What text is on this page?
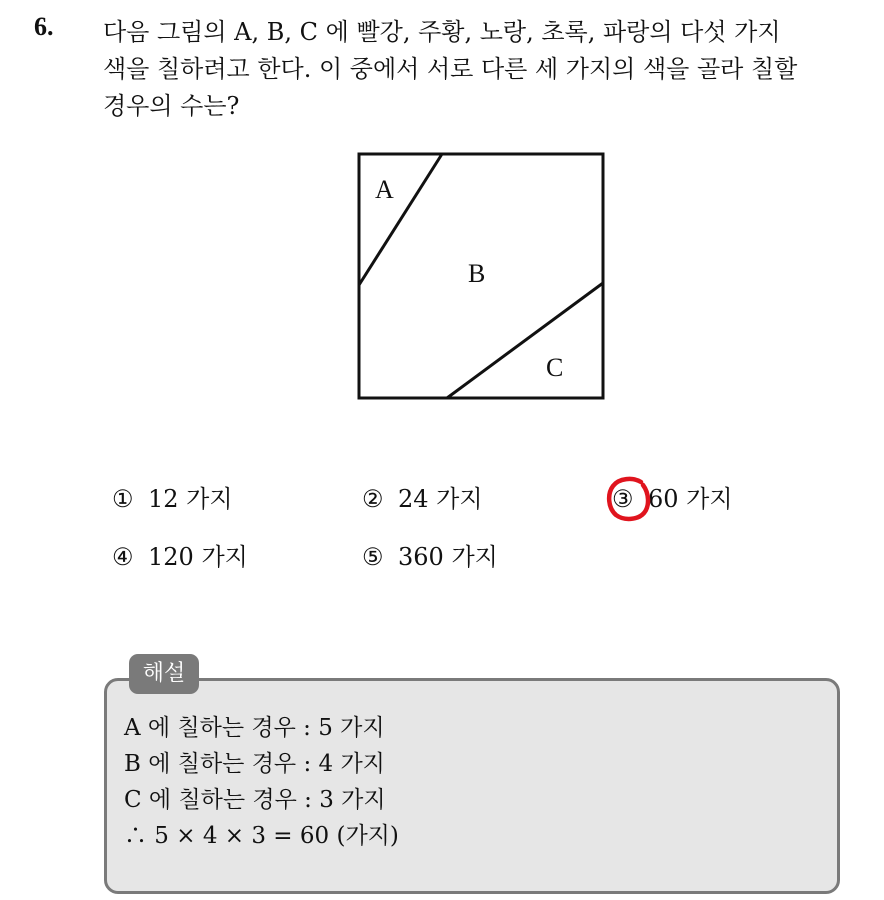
6. 다음 그림의 A, B, C 에 빨강, 주황, 노랑, 초록, 파랑의 다섯 가지
색을 칠하려고 한다. 이 중에서 서로 다른 세 가지의 색을 골라 칠할
경우의 수는?
A
B
C
① 12 가지	② 24 가지	③ 60 가지
④ 120 가지	⑤ 360 가지
해설
A 에 칠하는 경우 : 5 가지
B 에 칠하는 경우 : 4 가지
C 에 칠하는 경우 : 3 가지
∴ 5 × 4 × 3 = 60 (가지)
